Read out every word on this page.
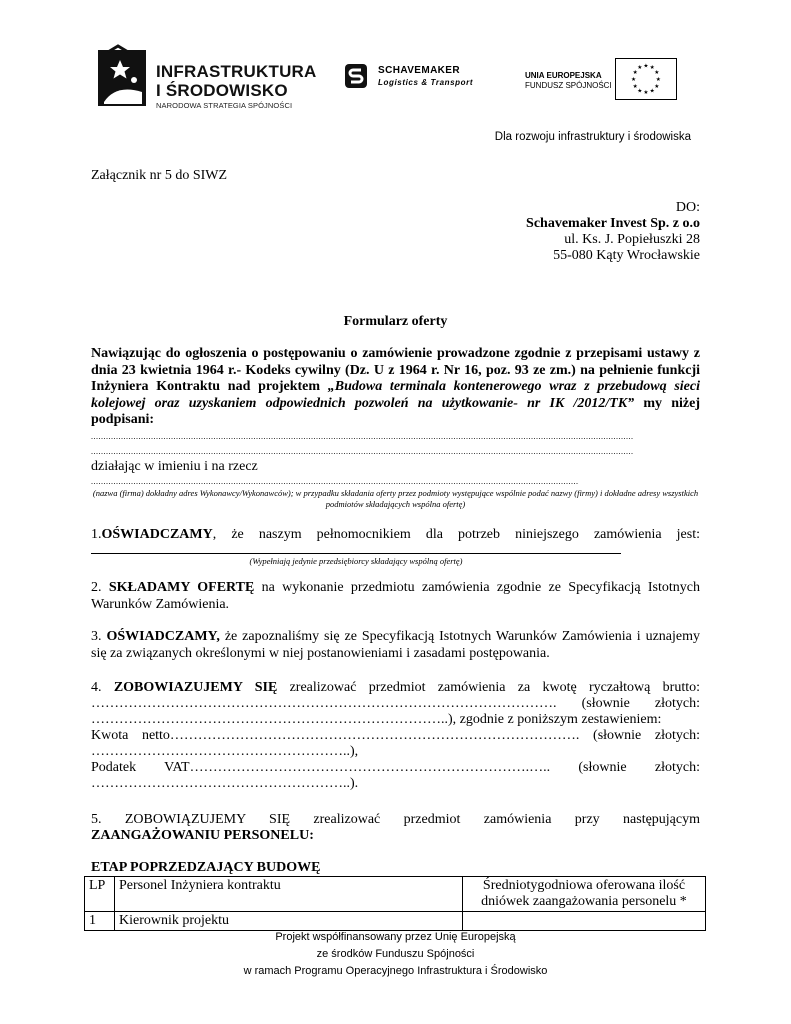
INFRASTRUKTURA
I ŚRODOWISKO
NARODOWA STRATEGIA SPÓJNOŚCI
SCHAVEMAKER
Logistics & Transport
UNIA EUROPEJSKA
FUNDUSZ SPÓJNOŚCI
★ ★
★
★
★
★
★
★
★
★
★
★
Dla rozwoju infrastruktury i środowiska
Załącznik nr 5 do SIWZ
DO:
Schavemaker Invest Sp. z o.o
ul. Ks. J. Popiełuszki 28
55-080 Kąty Wrocławskie
Formularz oferty
Nawiązując do ogłoszenia o postępowaniu o zamówienie prowadzone zgodnie z przepisami ustawy z dnia 23 kwietnia 1964 r.- Kodeks cywilny (Dz. U z 1964 r. Nr 16, poz. 93 ze zm.) na pełnienie funkcji Inżyniera Kontraktu nad projektem „Budowa terminala kontenerowego wraz z przebudową sieci kolejowej oraz uzyskaniem odpowiednich pozwoleń na użytkowanie- nr IK /2012/TK” my niżej podpisani:
.........................................................................................................................................................................................................................
.........................................................................................................................................................................................................................
działając w imieniu i na rzecz
...................................................................................................................................................................................................
(nazwa (firma) dokładny adres Wykonawcy/Wykonawców); w przypadku składania oferty przez podmioty występujące wspólnie podać nazwy (firmy) i dokładne adresy wszystkich podmiotów składających wspólna ofertę)
1.OŚWIADCZAMY, że naszym pełnomocnikiem dla potrzeb niniejszego zamówienia jest:
(Wypełniają jedynie przedsiębiorcy składający wspólną ofertę)
2. SKŁADAMY OFERTĘ na wykonanie przedmiotu zamówienia zgodnie ze Specyfikacją Istotnych Warunków Zamówienia.
3. OŚWIADCZAMY, że zapoznaliśmy się ze Specyfikacją Istotnych Warunków Zamówienia i uznajemy się za związanych określonymi w niej postanowieniami i zasadami postępowania.
4. ZOBOWIAZUJEMY SIĘ zrealizować przedmiot zamówienia za kwotę ryczałtową brutto:
………………………………………………………………………………………. (słownie złotych:
…………………………………………………………………..), zgodnie z poniższym zestawieniem:
Kwota netto……………………………………………………………………………. (słownie złotych:
………………………………………………..),
Podatek VAT……………………………………………………………….….. (słownie złotych:
………………………………………………..).
5. ZOBOWIĄZUJEMY SIĘ zrealizować przedmiot zamówienia przy następującym
ZAANGAŻOWANIU PERSONELU:
ETAP POPRZEDZAJĄCY BUDOWĘ
LP	Personel Inżyniera kontraktu	Średniotygodniowa oferowana ilość dniówek zaangażowania personelu *
1	Kierownik projektu	
Projekt współfinansowany przez Unię Europejską
ze środków Funduszu Spójności
w ramach Programu Operacyjnego Infrastruktura i Środowisko
